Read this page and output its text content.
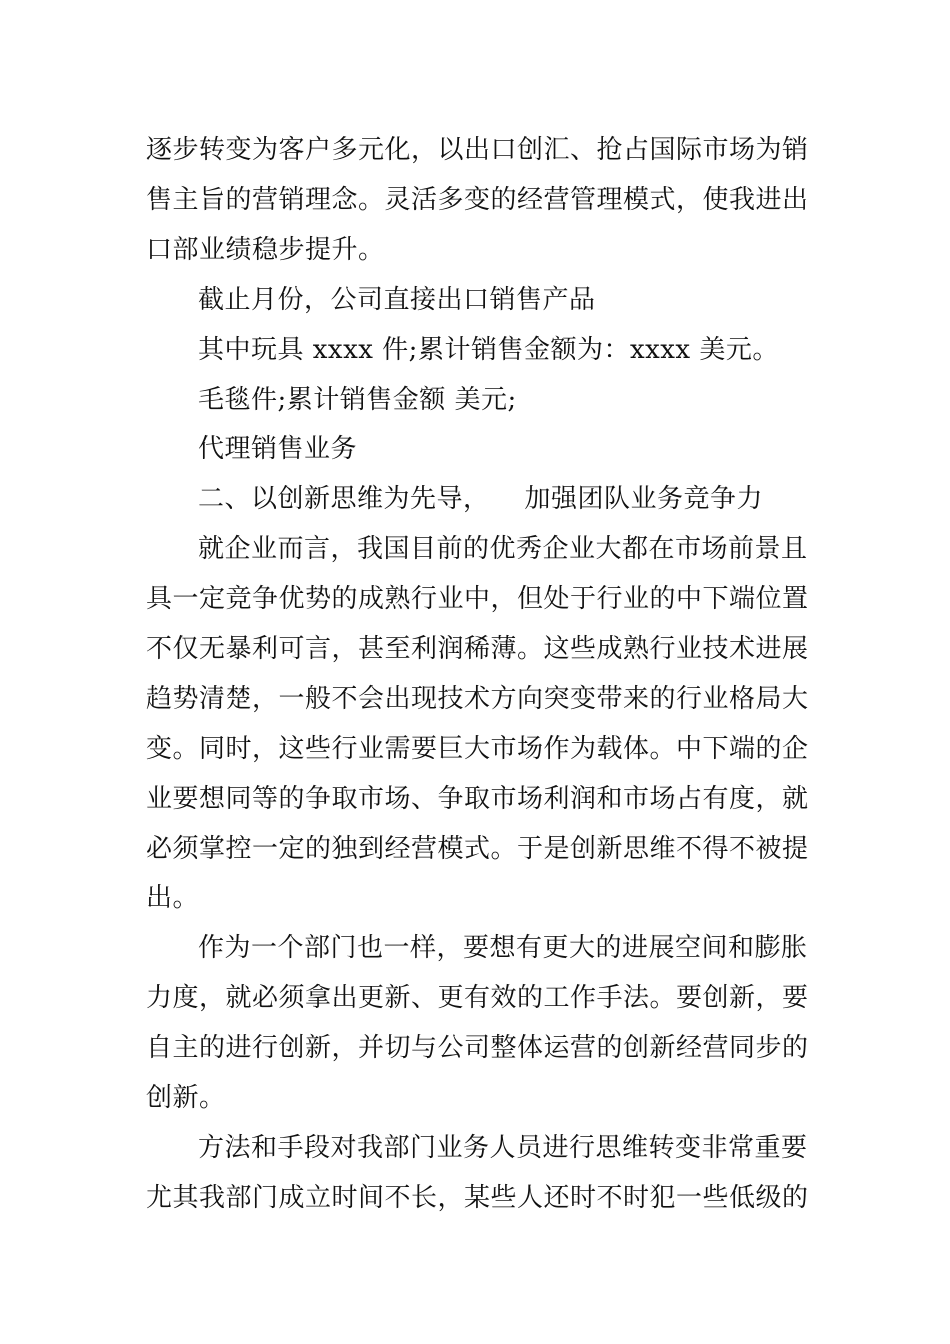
逐步转变为客户多元化，以出口创汇、抢占国际市场为销
售主旨的营销理念。灵活多变的经营管理模式，使我进出
口部业绩稳步提升。
截止月份，公司直接出口销售产品
其中玩具 xxxx 件;累计销售金额为：xxxx 美元。
毛毯件;累计销售金额 美元;
代理销售业务
二、以创新思维为先导，    加强团队业务竞争力
就企业而言，我国目前的优秀企业大都在市场前景且
具一定竞争优势的成熟行业中，但处于行业的中下端位置
不仅无暴利可言，甚至利润稀薄。这些成熟行业技术进展
趋势清楚，一般不会出现技术方向突变带来的行业格局大
变。同时，这些行业需要巨大市场作为载体。中下端的企
业要想同等的争取市场、争取市场利润和市场占有度，就
必须掌控一定的独到经营模式。于是创新思维不得不被提
出。
作为一个部门也一样，要想有更大的进展空间和膨胀
力度，就必须拿出更新、更有效的工作手法。要创新，要
自主的进行创新，并切与公司整体运营的创新经营同步的
创新。
方法和手段对我部门业务人员进行思维转变非常重要
尤其我部门成立时间不长，某些人还时不时犯一些低级的
